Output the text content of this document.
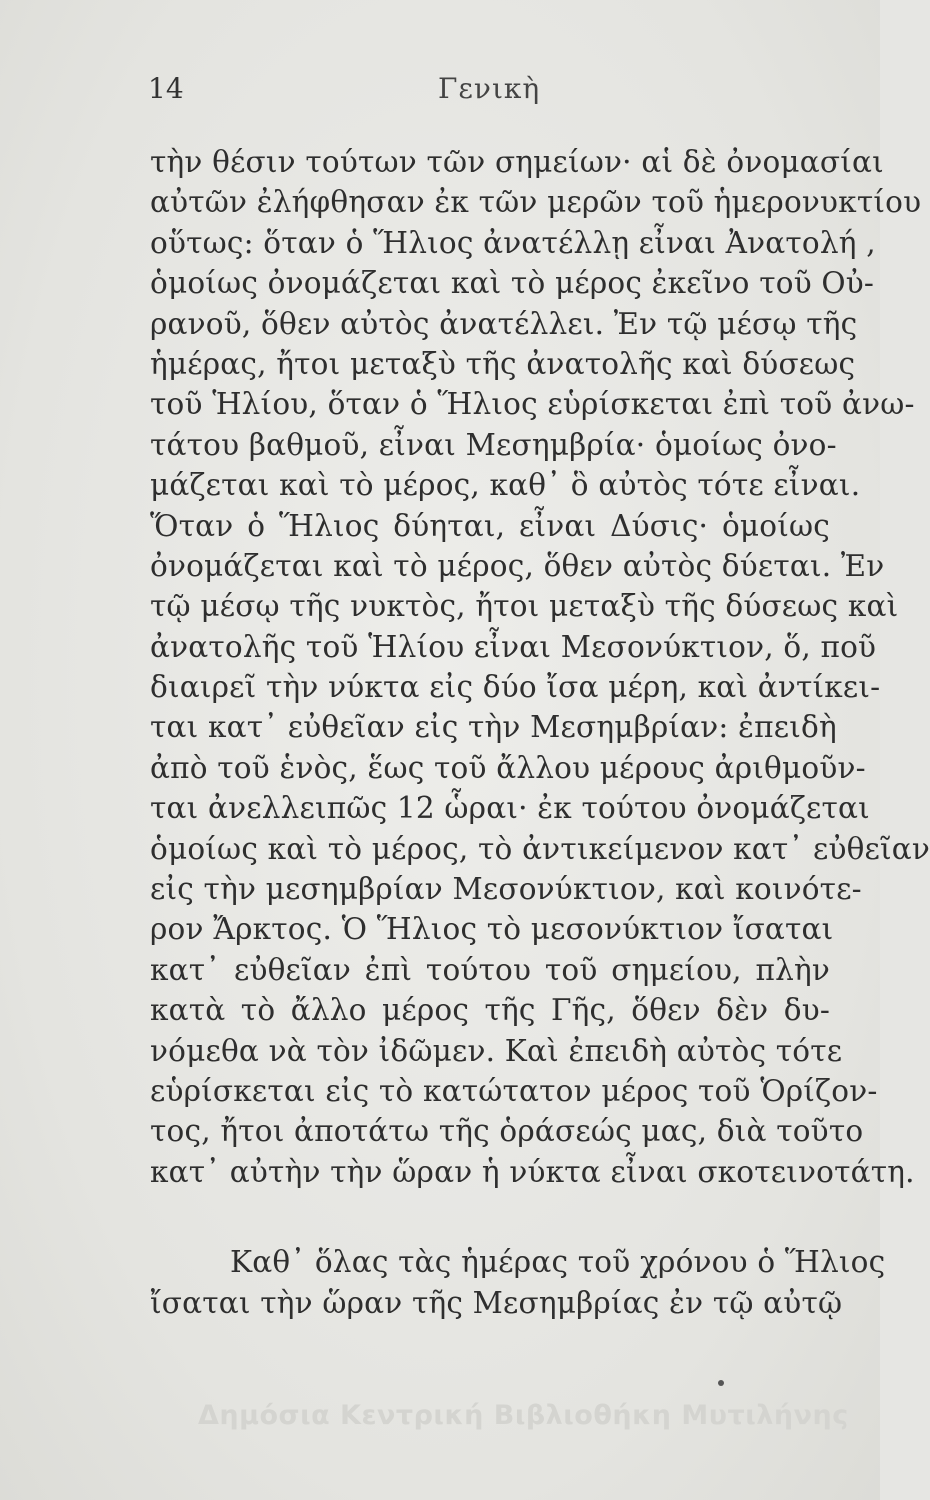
14	Γενικὴ
τὴν θέσιν τούτων τῶν σημείων· αἱ δὲ ὀνομασίαι
αὐτῶν ἐλήφθησαν ἐκ τῶν μερῶν τοῦ ἡμερονυκτίου
οὕτως: ὅταν ὁ Ἥλιος ἀνατέλλῃ εἶναι Ἀνατολή ,
ὁμοίως ὀνομάζεται καὶ τὸ μέρος ἐκεῖνο τοῦ Οὐ-
ρανοῦ, ὅθεν αὐτὸς ἀνατέλλει. Ἐν τῷ μέσῳ τῆς
ἡμέρας, ἤτοι μεταξὺ τῆς ἀνατολῆς καὶ δύσεως
τοῦ Ἡλίου, ὅταν ὁ Ἥλιος εὑρίσκεται ἐπὶ τοῦ ἀνω-
τάτου βαθμοῦ, εἶναι Μεσημβρία· ὁμοίως ὀνο-
μάζεται καὶ τὸ μέρος, καθ᾽ ὃ αὐτὸς τότε εἶναι.
Ὅταν ὁ Ἥλιος δύηται, εἶναι Δύσις· ὁμοίως
ὀνομάζεται καὶ τὸ μέρος, ὅθεν αὐτὸς δύεται. Ἐν
τῷ μέσῳ τῆς νυκτὸς, ἤτοι μεταξὺ τῆς δύσεως καὶ
ἀνατολῆς τοῦ Ἡλίου εἶναι Μεσονύκτιον, ὅ, ποῦ
διαιρεῖ τὴν νύκτα εἰς δύο ἴσα μέρη, καὶ ἀντίκει-
ται κατ᾽ εὐθεῖαν εἰς τὴν Μεσημβρίαν: ἐπειδὴ
ἀπὸ τοῦ ἑνὸς, ἕως τοῦ ἄλλου μέρους ἀριθμοῦν-
ται ἀνελλειπῶς 12 ὧραι· ἐκ τούτου ὀνομάζεται
ὁμοίως καὶ τὸ μέρος, τὸ ἀντικείμενον κατ᾽ εὐθεῖαν
εἰς τὴν μεσημβρίαν Μεσονύκτιον, καὶ κοινότε-
ρον Ἄρκτος. Ὁ Ἥλιος τὸ μεσονύκτιον ἴσαται
κατ᾽ εὐθεῖαν ἐπὶ τούτου τοῦ σημείου, πλὴν
κατὰ τὸ ἄλλο μέρος τῆς Γῆς, ὅθεν δὲν δυ-
νόμεθα νὰ τὸν ἰδῶμεν. Καὶ ἐπειδὴ αὐτὸς τότε
εὑρίσκεται εἰς τὸ κατώτατον μέρος τοῦ Ὁρίζον-
τος, ἤτοι ἀποτάτω τῆς ὁράσεώς μας, διὰ τοῦτο
κατ᾽ αὐτὴν τὴν ὥραν ἡ νύκτα εἶναι σκοτεινοτάτη.
Καθ᾽ ὅλας τὰς ἡμέρας τοῦ χρόνου ὁ Ἥλιος
ἴσαται τὴν ὥραν τῆς Μεσημβρίας ἐν τῷ αὐτῷ
Δημόσια Κεντρική Βιβλιοθήκη Μυτιλήνης
